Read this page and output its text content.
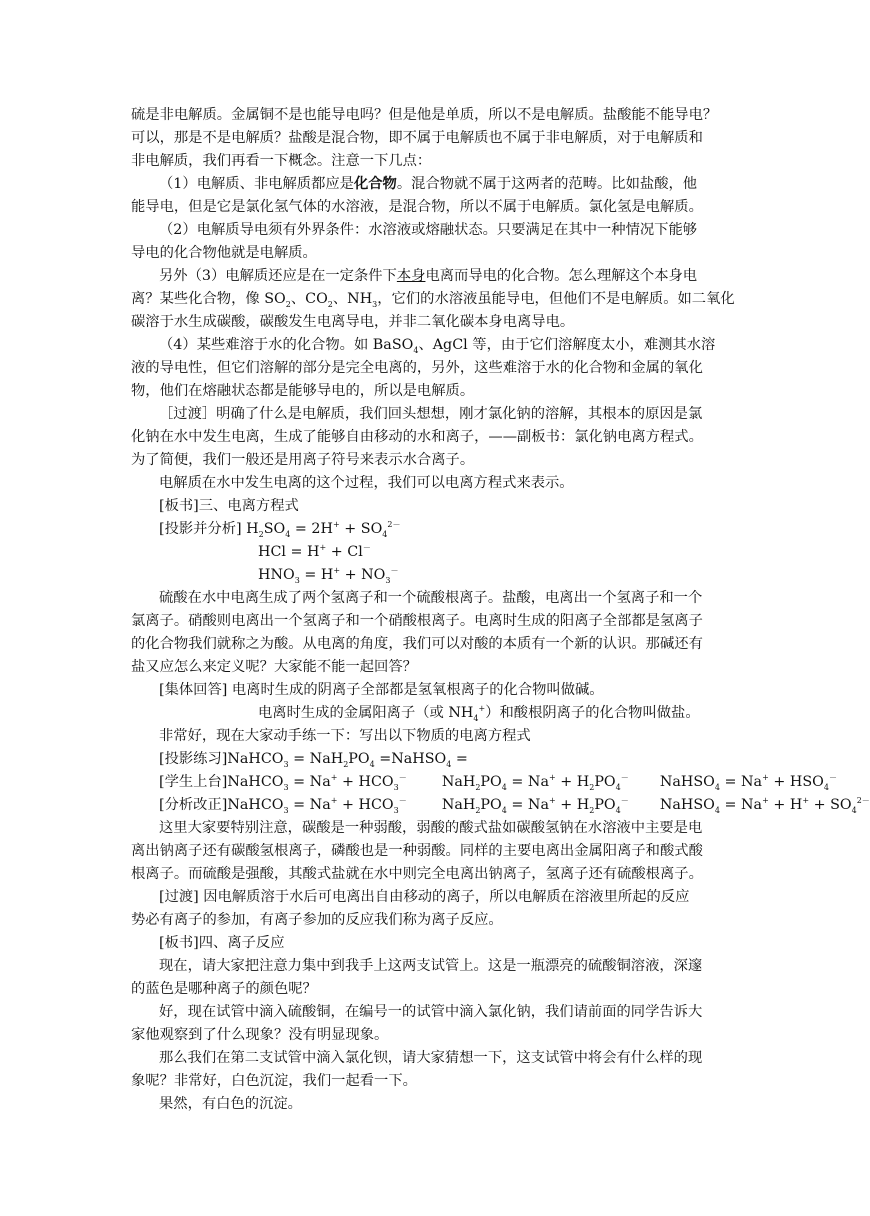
硫是非电解质。金属铜不是也能导电吗？但是他是单质，所以不是电解质。盐酸能不能导电？
可以，那是不是电解质？盐酸是混合物，即不属于电解质也不属于非电解质，对于电解质和
非电解质，我们再看一下概念。注意一下几点：
（1）电解质、非电解质都应是化合物。混合物就不属于这两者的范畴。比如盐酸，他
能导电，但是它是氯化氢气体的水溶液，是混合物，所以不属于电解质。氯化氢是电解质。
（2）电解质导电须有外界条件：水溶液或熔融状态。只要满足在其中一种情况下能够
导电的化合物他就是电解质。
另外（3）电解质还应是在一定条件下本身电离而导电的化合物。怎么理解这个本身电
离？某些化合物，像 $SO_2$、$CO_2$、$NH_3$，它们的水溶液虽能导电，但他们不是电解质。如二氧化
碳溶于水生成碳酸，碳酸发生电离导电，并非二氧化碳本身电离导电。
（4）某些难溶于水的化合物。如 BaSO$_4$、AgCl 等，由于它们溶解度太小，难测其水溶
液的导电性，但它们溶解的部分是完全电离的，另外，这些难溶于水的化合物和金属的氧化
物，他们在熔融状态都是能够导电的，所以是电解质。
［过渡］明确了什么是电解质，我们回头想想，刚才氯化钠的溶解，其根本的原因是氯
化钠在水中发生电离，生成了能够自由移动的水和离子，——副板书：氯化钠电离方程式。
为了简便，我们一般还是用离子符号来表示水合离子。
电解质在水中发生电离的这个过程，我们可以电离方程式来表示。
[板书]三、电离方程式
[投影并分析] $H_2SO_4 = 2H^+ + SO_4^{2-}$
HCl = H+ + Cl－
$HNO_3 = H^+ + NO_3^-$
硫酸在水中电离生成了两个氢离子和一个硫酸根离子。盐酸，电离出一个氢离子和一个
氯离子。硝酸则电离出一个氢离子和一个硝酸根离子。电离时生成的阳离子全部都是氢离子
的化合物我们就称之为酸。从电离的角度，我们可以对酸的本质有一个新的认识。那碱还有
盐又应怎么来定义呢？大家能不能一起回答？
[集体回答] 电离时生成的阴离子全部都是氢氧根离子的化合物叫做碱。
电离时生成的金属阳离子（或 $NH_4^+$）和酸根阴离子的化合物叫做盐。
非常好，现在大家动手练一下：写出以下物质的电离方程式
[投影练习]NaHCO$_3$ = $NaH_2PO_4$ =NaHSO$_4$ =
[学生上台]NaHCO$_3$ = $Na^+ + HCO_3^-$ $NaH_2PO_4 = Na^+ + H_2PO_4^-$ NaHSO$_4$ = $Na^+ + HSO_4^-$
[分析改正]NaHCO$_3$ = $Na^+ + HCO_3^-$ $NaH_2PO_4 = Na^+ + H_2PO_4^-$ NaHSO$_4$ = $Na^+ + H^+ + SO_4^{2-}$
这里大家要特别注意，碳酸是一种弱酸，弱酸的酸式盐如碳酸氢钠在水溶液中主要是电
离出钠离子还有碳酸氢根离子，磷酸也是一种弱酸。同样的主要电离出金属阳离子和酸式酸
根离子。而硫酸是强酸，其酸式盐就在水中则完全电离出钠离子，氢离子还有硫酸根离子。
[过渡] 因电解质溶于水后可电离出自由移动的离子，所以电解质在溶液里所起的反应
势必有离子的参加，有离子参加的反应我们称为离子反应。
[板书]四、离子反应
现在，请大家把注意力集中到我手上这两支试管上。这是一瓶漂亮的硫酸铜溶液，深邃
的蓝色是哪种离子的颜色呢？
好，现在试管中滴入硫酸铜，在编号一的试管中滴入氯化钠，我们请前面的同学告诉大
家他观察到了什么现象？没有明显现象。
那么我们在第二支试管中滴入氯化钡，请大家猜想一下，这支试管中将会有什么样的现
象呢？非常好，白色沉淀，我们一起看一下。
果然，有白色的沉淀。
